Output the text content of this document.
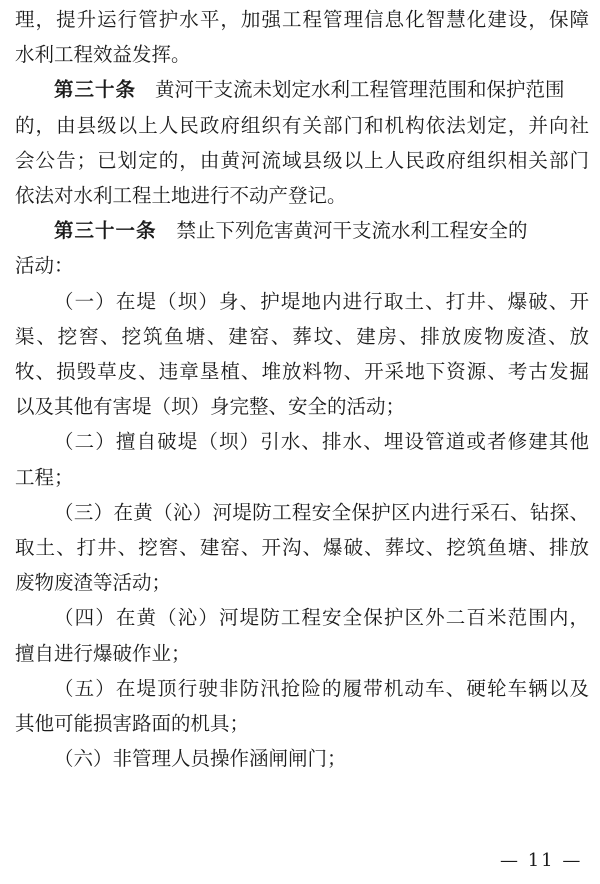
理，提升运行管护水平，加强工程管理信息化智慧化建设，保障
水利工程效益发挥。
第三十条 黄河干支流未划定水利工程管理范围和保护范围
的，由县级以上人民政府组织有关部门和机构依法划定，并向社
会公告；已划定的，由黄河流域县级以上人民政府组织相关部门
依法对水利工程土地进行不动产登记。
第三十一条 禁止下列危害黄河干支流水利工程安全的
活动：
（一）在堤（坝）身、护堤地内进行取土、打井、爆破、开
渠、挖窖、挖筑鱼塘、建窑、葬坟、建房、排放废物废渣、放
牧、损毁草皮、违章垦植、堆放料物、开采地下资源、考古发掘
以及其他有害堤（坝）身完整、安全的活动；
（二）擅自破堤（坝）引水、排水、埋设管道或者修建其他
工程；
（三）在黄（沁）河堤防工程安全保护区内进行采石、钻探、
取土、打井、挖窖、建窑、开沟、爆破、葬坟、挖筑鱼塘、排放
废物废渣等活动；
（四）在黄（沁）河堤防工程安全保护区外二百米范围内，
擅自进行爆破作业；
— 11 —
（五）在堤顶行驶非防汛抢险的履带机动车、硬轮车辆以及
其他可能损害路面的机具；
（六）非管理人员操作涵闸闸门；
